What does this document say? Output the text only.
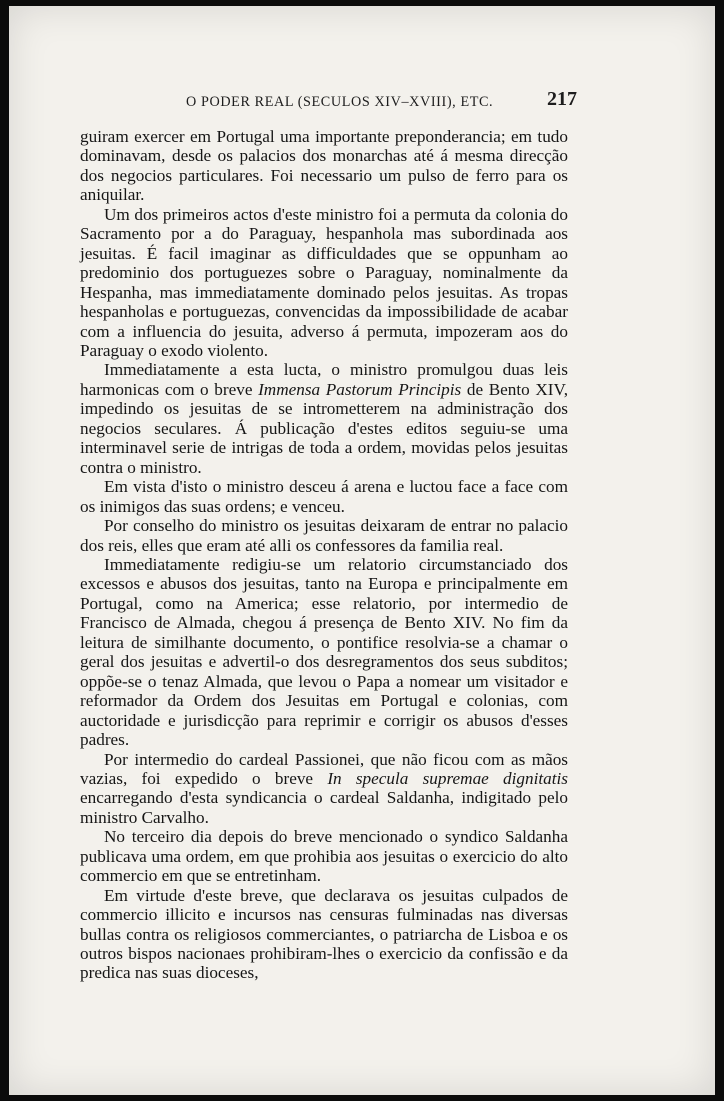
O PODER REAL (SECULOS XIV–XVIII), ETC.	217

guiram exercer em Portugal uma importante preponderancia; em tudo dominavam, desde os palacios dos monarchas até á mesma direcção dos negocios particulares. Foi necessario um pulso de ferro para os aniquilar.

Um dos primeiros actos d'este ministro foi a permuta da colonia do Sacramento por a do Paraguay, hespanhola mas subordinada aos jesuitas. É facil imaginar as difficuldades que se oppunham ao predominio dos portuguezes sobre o Paraguay, nominalmente da Hespanha, mas immediatamente dominado pelos jesuitas. As tropas hespanholas e portuguezas, convencidas da impossibilidade de acabar com a influencia do jesuita, adverso á permuta, impozeram aos do Paraguay o exodo violento.

Immediatamente a esta lucta, o ministro promulgou duas leis harmonicas com o breve Immensa Pastorum Principis de Bento XIV, impedindo os jesuitas de se intrometterem na administração dos negocios seculares. Á publicação d'estes editos seguiu-se uma interminavel serie de intrigas de toda a ordem, movidas pelos jesuitas contra o ministro.

Em vista d'isto o ministro desceu á arena e luctou face a face com os inimigos das suas ordens; e venceu.

Por conselho do ministro os jesuitas deixaram de entrar no palacio dos reis, elles que eram até alli os confessores da familia real.

Immediatamente redigiu-se um relatorio circumstanciado dos excessos e abusos dos jesuitas, tanto na Europa e principalmente em Portugal, como na America; esse relatorio, por intermedio de Francisco de Almada, chegou á presença de Bento XIV. No fim da leitura de similhante documento, o pontifice resolvia-se a chamar o geral dos jesuitas e advertil-o dos desregramentos dos seus subditos; oppõe-se o tenaz Almada, que levou o Papa a nomear um visitador e reformador da Ordem dos Jesuitas em Portugal e colonias, com auctoridade e jurisdicção para reprimir e corrigir os abusos d'esses padres.

Por intermedio do cardeal Passionei, que não ficou com as mãos vazias, foi expedido o breve In specula supremae dignitatis encarregando d'esta syndicancia o cardeal Saldanha, indigitado pelo ministro Carvalho.

No terceiro dia depois do breve mencionado o syndico Saldanha publicava uma ordem, em que prohibia aos jesuitas o exercicio do alto commercio em que se entretinham.

Em virtude d'este breve, que declarava os jesuitas culpados de commercio illicito e incursos nas censuras fulminadas nas diversas bullas contra os religiosos commerciantes, o patriarcha de Lisboa e os outros bispos nacionaes prohibiram-lhes o exercicio da confissão e da predica nas suas dioceses,
